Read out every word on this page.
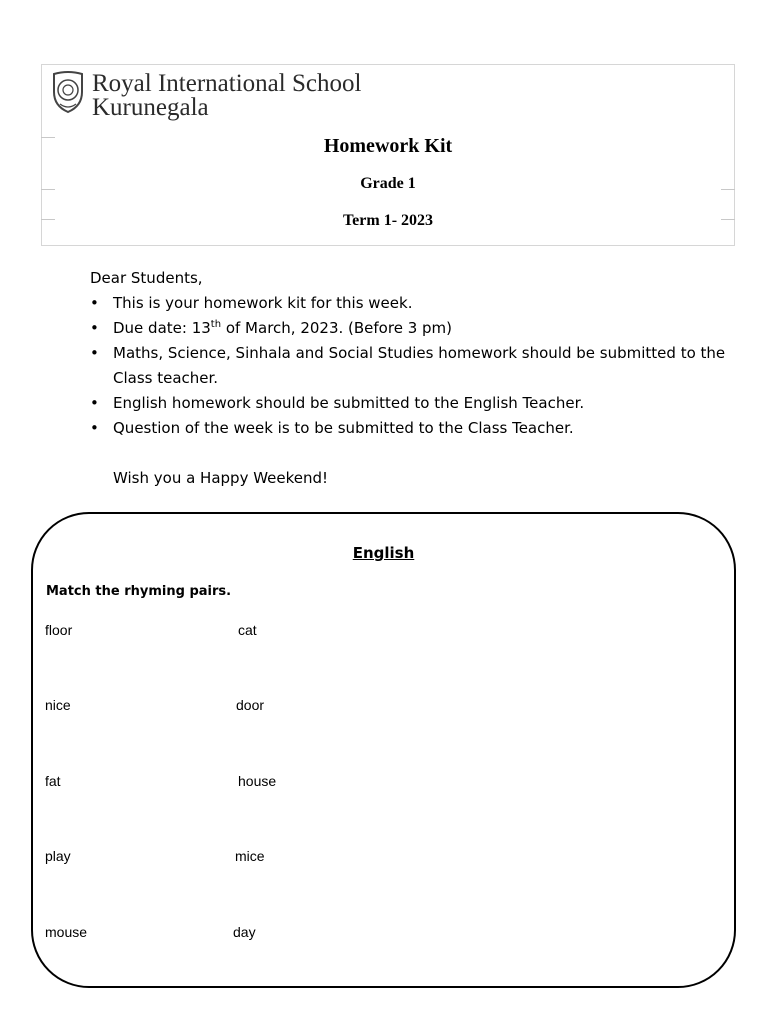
Royal International School
Kurunegala
Homework Kit
Grade 1
Term 1- 2023

Dear Students,

• This is your homework kit for this week.
• Due date: 13th of March, 2023. (Before 3 pm)
• Maths, Science, Sinhala and Social Studies homework should be submitted to the Class teacher.
• English homework should be submitted to the English Teacher.
• Question of the week is to be submitted to the Class Teacher.
Wish you a Happy Weekend!
English
Match the rhyming pairs.
floor	cat
nice	door
fat	house
play	mice
mouse	day
